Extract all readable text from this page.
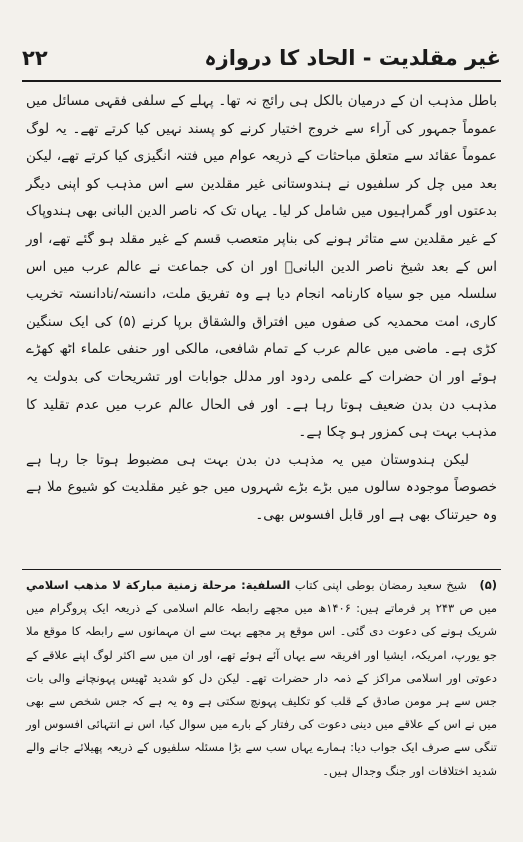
۲۲	غیر مقلدیت - الحاد کا دروازہ

باطل مذہب ان کے درمیان بالکل ہی رائج نہ تھا۔ پہلے کے سلفی فقہی مسائل میں عموماً جمہور کی آراء سے خروج اختیار کرنے کو پسند نہیں کیا کرتے تھے۔ یہ لوگ عموماً عقائد سے متعلق مباحثات کے ذریعہ عوام میں فتنہ انگیزی کیا کرتے تھے، لیکن بعد میں چل کر سلفیوں نے ہندوستانی غیر مقلدین سے اس مذہب کو اپنی دیگر بدعتوں اور گمراہیوں میں شامل کر لیا۔ یہاں تک کہ ناصر الدین البانی بھی ہندوپاک کے غیر مقلدین سے متاثر ہونے کی بناپر متعصب قسم کے غیر مقلد ہو گئے تھے، اور اس کے بعد شیخ ناصر الدین البانیؒ اور ان کی جماعت نے عالم عرب میں اس سلسلہ میں جو سیاہ کارنامہ انجام دیا ہے وہ تفریق ملت، دانستہ/نادانستہ تخریب کاری، امت محمدیہ کی صفوں میں افتراق والشقاق برپا کرنے (۵) کی ایک سنگین کڑی ہے۔ ماضی میں عالم عرب کے تمام شافعی، مالکی اور حنفی علماء اٹھ کھڑے ہوئے اور ان حضرات کے علمی ردود اور مدلل جوابات اور تشریحات کی بدولت یہ مذہب دن بدن ضعیف ہوتا رہا ہے۔ اور فی الحال عالم عرب میں عدم تقلید کا مذہب بہت ہی کمزور ہو چکا ہے۔

لیکن ہندوستان میں یہ مذہب دن بدن بہت ہی مضبوط ہوتا جا رہا ہے خصوصاً موجودہ سالوں میں بڑے بڑے شہروں میں جو غیر مقلدیت کو شیوع ملا ہے وہ حیرتناک بھی ہے اور قابل افسوس بھی۔

(۵) شیخ سعید رمضان بوطی اپنی کتاب السلفية: مرحلة زمنية مباركة لا مذهب اسلامي میں ص ۲۴۳ پر فرماتے ہیں: ۱۴۰۶ھ میں مجھے رابطہ عالم اسلامی کے ذریعہ ایک پروگرام میں شریک ہونے کی دعوت دی گئی۔ اس موقع پر مجھے بہت سے ان مہمانوں سے رابطہ کا موقع ملا جو یورپ، امریکہ، ایشیا اور افریقہ سے یہاں آئے ہوئے تھے، اور ان میں سے اکثر لوگ اپنے علاقے کے دعوتی اور اسلامی مراکز کے ذمہ دار حضرات تھے۔ لیکن دل کو شدید ٹھیس پہونچانے والی بات جس سے ہر مومن صادق کے قلب کو تکلیف پہونچ سکتی ہے وہ یہ ہے کہ جس شخص سے بھی میں نے اس کے علاقے میں دینی دعوت کی رفتار کے بارے میں سوال کیا، اس نے انتہائی افسوس اور تنگی سے صرف ایک جواب دیا: ہمارے یہاں سب سے بڑا مسئلہ سلفیوں کے ذریعہ پھیلائے جانے والے شدید اختلافات اور جنگ وجدال ہیں۔
